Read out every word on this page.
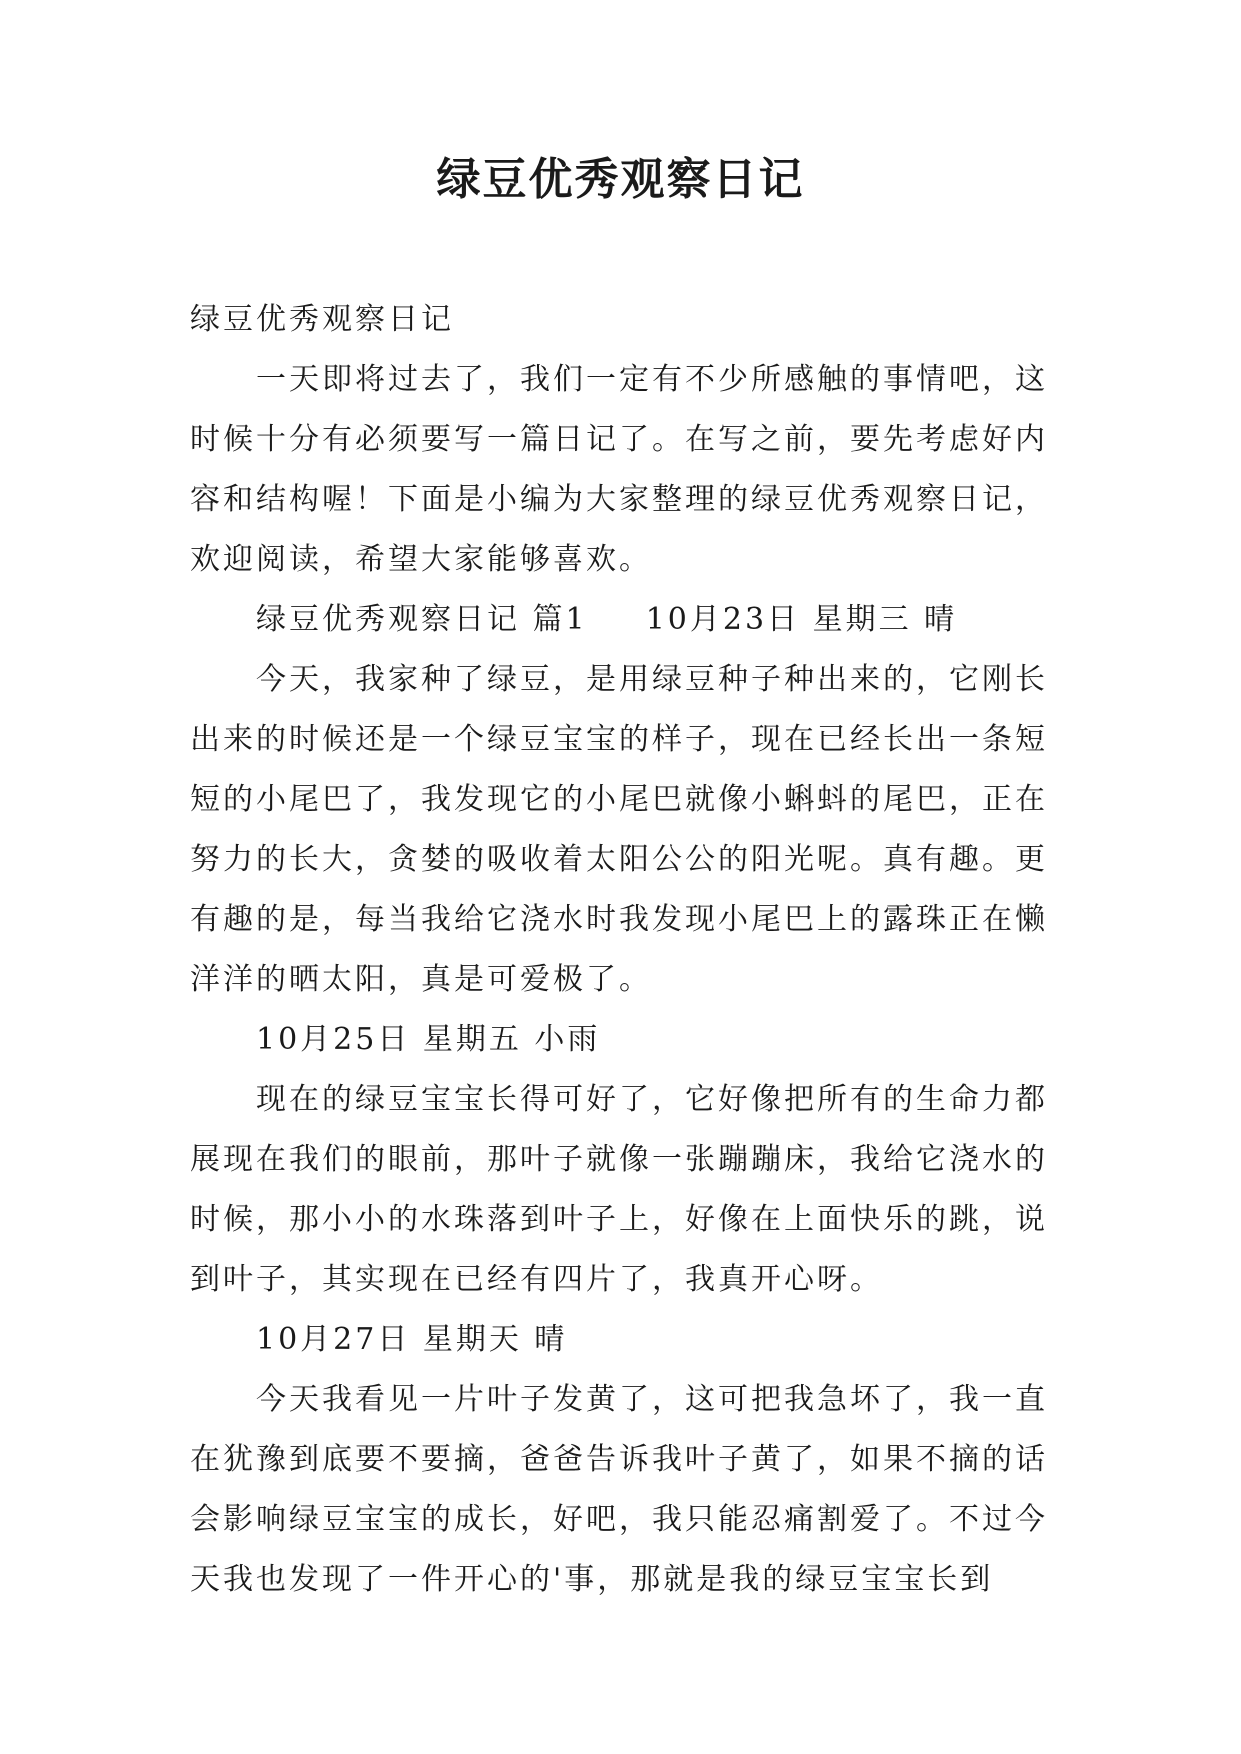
绿豆优秀观察日记

绿豆优秀观察日记

一天即将过去了，我们一定有不少所感触的事情吧，这

时候十分有必须要写一篇日记了。在写之前，要先考虑好内

容和结构喔！下面是小编为大家整理的绿豆优秀观察日记，

欢迎阅读，希望大家能够喜欢。

绿豆优秀观察日记 篇1 　 10月23日 星期三 晴

今天，我家种了绿豆，是用绿豆种子种出来的，它刚长

出来的时候还是一个绿豆宝宝的样子，现在已经长出一条短

短的小尾巴了，我发现它的小尾巴就像小蝌蚪的尾巴，正在

努力的长大，贪婪的吸收着太阳公公的阳光呢。真有趣。更

有趣的是，每当我给它浇水时我发现小尾巴上的露珠正在懒

洋洋的晒太阳，真是可爱极了。

10月25日 星期五 小雨

现在的绿豆宝宝长得可好了，它好像把所有的生命力都

展现在我们的眼前，那叶子就像一张蹦蹦床，我给它浇水的

时候，那小小的水珠落到叶子上，好像在上面快乐的跳，说

到叶子，其实现在已经有四片了，我真开心呀。

10月27日 星期天 晴

今天我看见一片叶子发黄了，这可把我急坏了，我一直

在犹豫到底要不要摘，爸爸告诉我叶子黄了，如果不摘的话

会影响绿豆宝宝的成长，好吧，我只能忍痛割爱了。不过今

天我也发现了一件开心的'事，那就是我的绿豆宝宝长到
